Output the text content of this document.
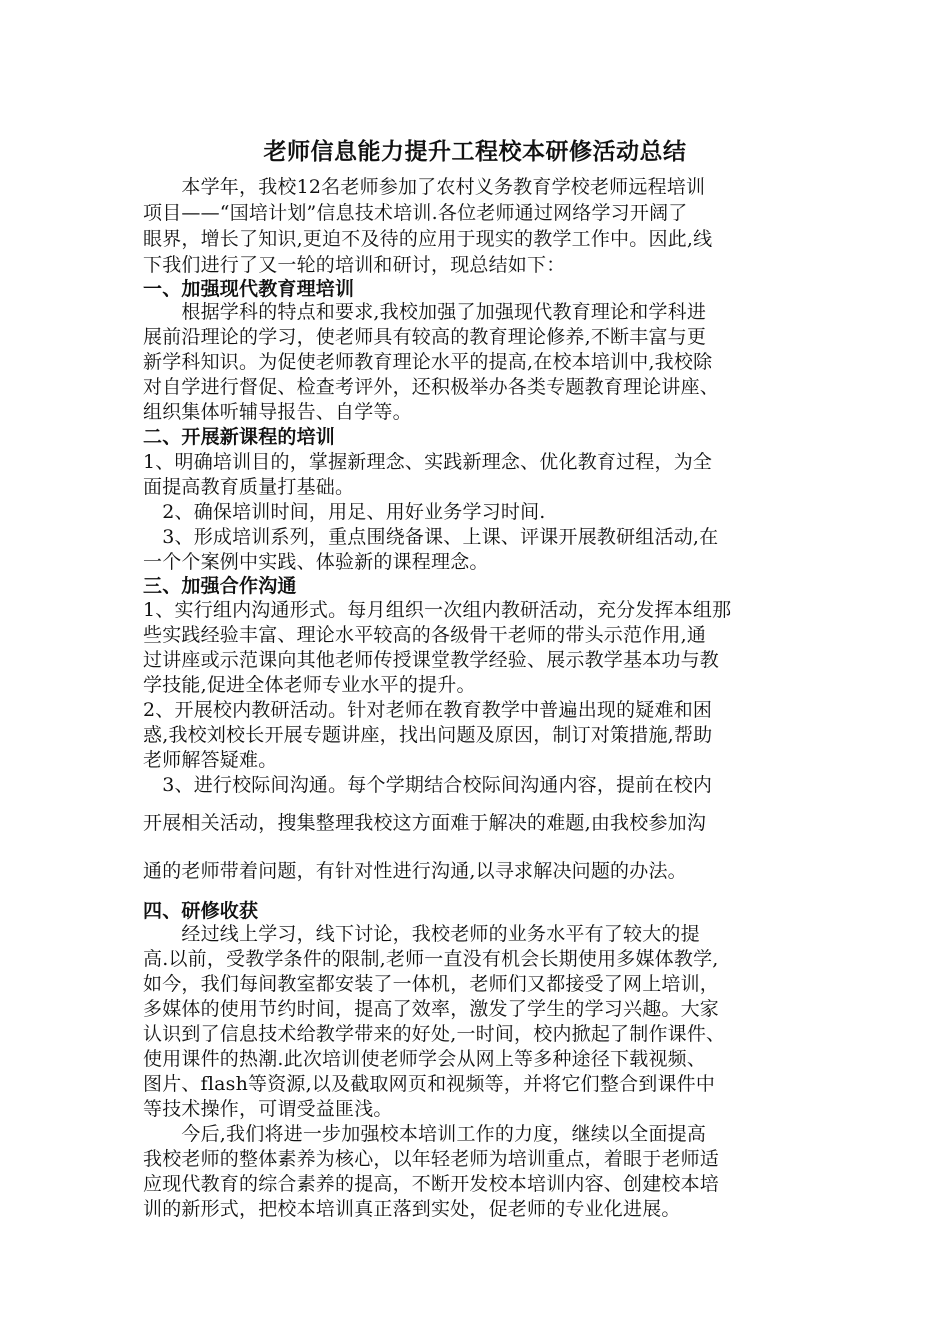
老师信息能力提升工程校本研修活动总结
　　本学年，我校12名老师参加了农村义务教育学校老师远程培训
项目——“国培计划”信息技术培训.各位老师通过网络学习开阔了
眼界，增长了知识,更迫不及待的应用于现实的教学工作中。因此,线
下我们进行了又一轮的培训和研讨，现总结如下：
一、加强现代教育理培训
　　根据学科的特点和要求,我校加强了加强现代教育理论和学科进
展前沿理论的学习，使老师具有较高的教育理论修养,不断丰富与更
新学科知识。为促使老师教育理论水平的提高,在校本培训中,我校除
对自学进行督促、检查考评外，还积极举办各类专题教育理论讲座、
组织集体听辅导报告、自学等。
二、开展新课程的培训
1、明确培训目的，掌握新理念、实践新理念、优化教育过程，为全
面提高教育质量打基础。
　2、确保培训时间，用足、用好业务学习时间.
　3、形成培训系列，重点围绕备课、上课、评课开展教研组活动,在
一个个案例中实践、体验新的课程理念。
三、加强合作沟通
1、实行组内沟通形式。每月组织一次组内教研活动，充分发挥本组那
些实践经验丰富、理论水平较高的各级骨干老师的带头示范作用,通
过讲座或示范课向其他老师传授课堂教学经验、展示教学基本功与教
学技能,促进全体老师专业水平的提升。
2、开展校内教研活动。针对老师在教育教学中普遍出现的疑难和困
惑,我校刘校长开展专题讲座，找出问题及原因，制订对策措施,帮助
老师解答疑难。
　3、进行校际间沟通。每个学期结合校际间沟通内容，提前在校内
开展相关活动，搜集整理我校这方面难于解决的难题,由我校参加沟
通的老师带着问题，有针对性进行沟通,以寻求解决问题的办法。
四、研修收获
　　经过线上学习，线下讨论，我校老师的业务水平有了较大的提
高.以前，受教学条件的限制,老师一直没有机会长期使用多媒体教学,
如今，我们每间教室都安装了一体机，老师们又都接受了网上培训，
多媒体的使用节约时间，提高了效率，激发了学生的学习兴趣。大家
认识到了信息技术给教学带来的好处,一时间，校内掀起了制作课件、
使用课件的热潮.此次培训使老师学会从网上等多种途径下载视频、
图片、flash等资源,以及截取网页和视频等，并将它们整合到课件中
等技术操作，可谓受益匪浅。
　　今后,我们将进一步加强校本培训工作的力度，继续以全面提高
我校老师的整体素养为核心，以年轻老师为培训重点，着眼于老师适
应现代教育的综合素养的提高，不断开发校本培训内容、创建校本培
训的新形式，把校本培训真正落到实处，促老师的专业化进展。
